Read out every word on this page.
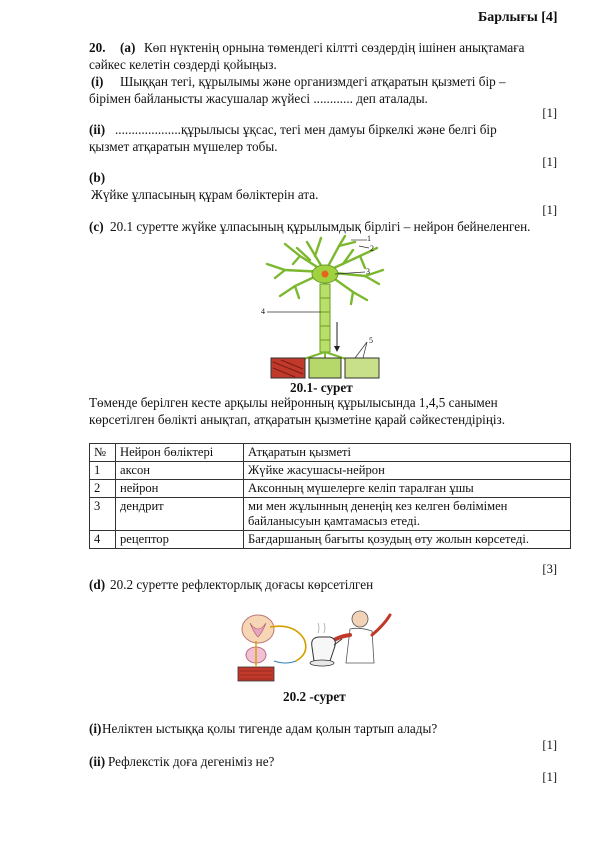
Барлығы [4]
20. (a) Көп нүктенің орнына төмендегі кілтті сөздердің ішінен анықтамаға
сәйкес келетін сөздерді қойыңыз.
(i) Шыққан тегі, құрылымы және организмдегі атқаратын қызметі бір –
бірімен байланысты жасушалар жүйесі ............ деп аталады.
[1]
(ii) ....................құрылысы ұқсас, тегі мен дамуы біркелкі және белгі бір
қызмет атқаратын мүшелер тобы.
[1]
(b)
Жүйке ұлпасының құрам бөліктерін ата.
[1]
(c) 20.1 суретте жүйке ұлпасының құрылымдық бірлігі – нейрон бейнеленген.
1
2
3
4
5
20.1- сурет
Төменде берілген кесте арқылы нейронның құрылысында 1,4,5 санымен
көрсетілген бөлікті анықтап, атқаратын қызметіне қарай сәйкестендіріңіз.
№	Нейрон бөліктері	Атқаратын қызметі
1	аксон	Жүйке жасушасы-нейрон
2	нейрон	Аксонның мүшелерге келіп таралған ұшы
3	дендрит	ми мен жұлынның денеңің кез келген бөлімімен байланысуын қамтамасыз етеді.
4	рецептор	Бағдаршаның бағыты қозудың өту жолын көрсетеді.
[3]
(d) 20.2 суретте рефлекторлық доғасы көрсетілген
20.2 -сурет
(i) Неліктен ыстыққа қолы тигенде адам қолын тартып алады?
[1]
(ii) Рефлекстік доға дегеніміз не?
[1]
